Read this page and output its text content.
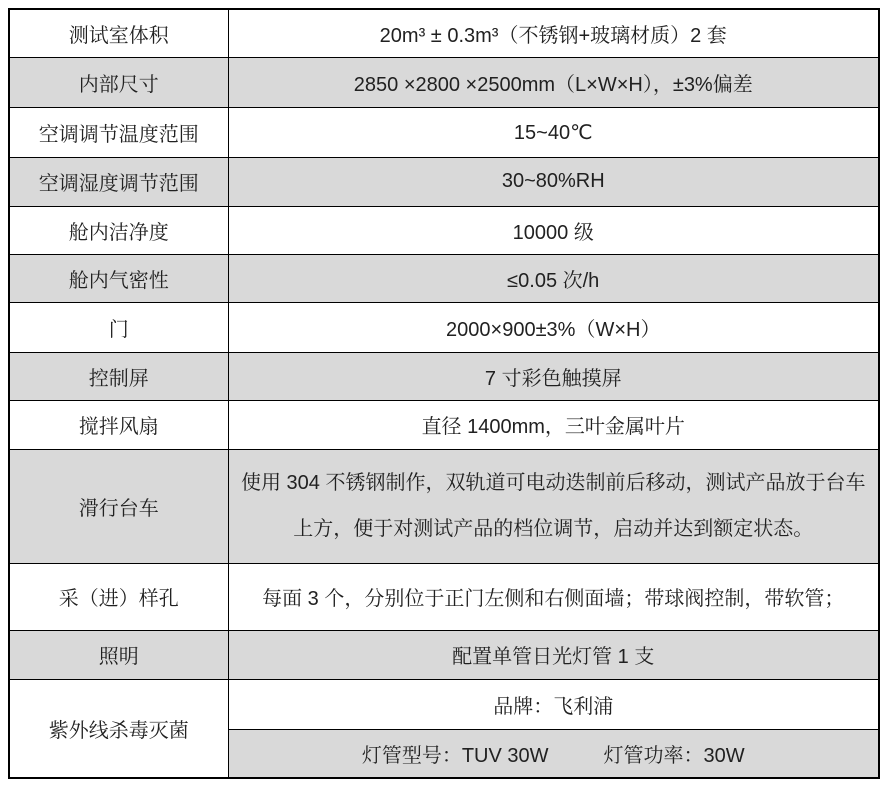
测试室体积	20m³ ± 0.3m³（不锈钢+玻璃材质）2 套
内部尺寸	2850 ×2800 ×2500mm（L×W×H），±3%偏差
空调调节温度范围	15~40℃
空调湿度调节范围	30~80%RH
舱内洁净度	10000 级
舱内气密性	≤0.05 次/h
门	2000×900±3%（W×H）
控制屏	7 寸彩色触摸屏
搅拌风扇	直径 1400mm，三叶金属叶片
滑行台车	使用 304 不锈钢制作，双轨道可电动迭制前后移动，测试产品放于台车上方，便于对测试产品的档位调节，启动并达到额定状态。
采（进）样孔	每面 3 个，分别位于正门左侧和右侧面墙；带球阀控制，带软管；
照明	配置单管日光灯管 1 支
紫外线杀毒灭菌	品牌：飞利浦

	灯管型号：TUV 30W 灯管功率：30W
